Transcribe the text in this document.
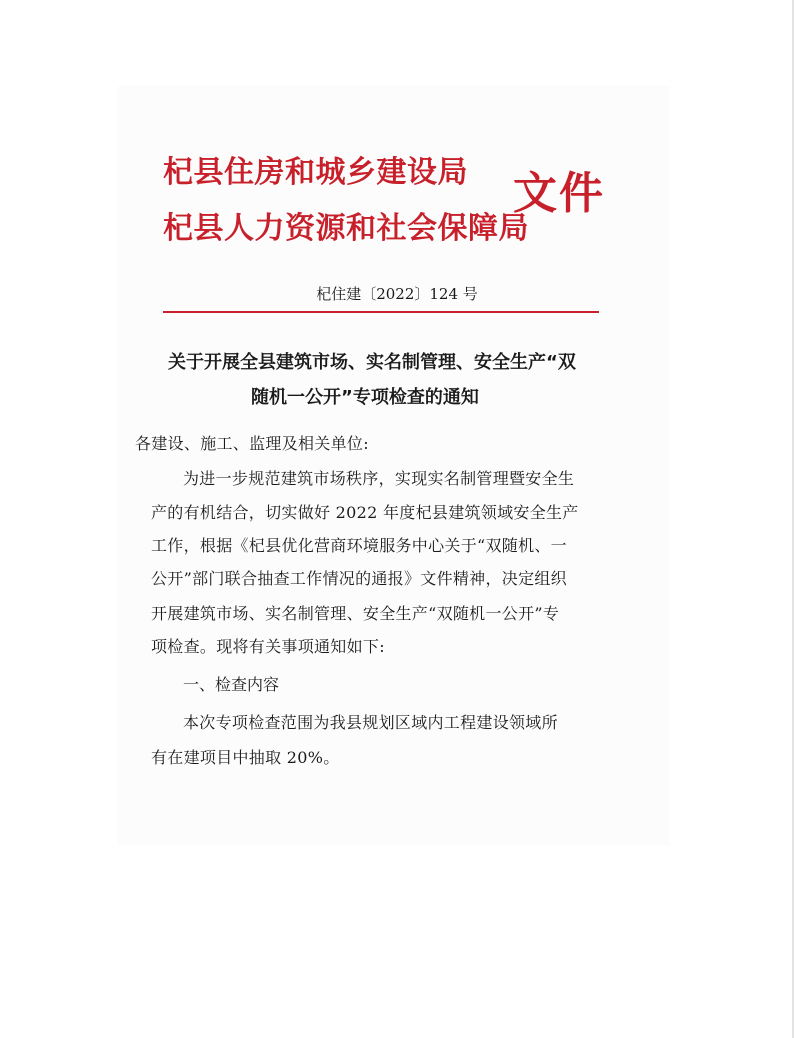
杞县住房和城乡建设局
杞县人力资源和社会保障局
文件
杞住建〔2022〕124 号
关于开展全县建筑市场、实名制管理、安全生产“双
随机一公开”专项检查的通知
各建设、施工、监理及相关单位:
为进一步规范建筑市场秩序，实现实名制管理暨安全生
产的有机结合，切实做好 2022 年度杞县建筑领域安全生产
工作，根据《杞县优化营商环境服务中心关于“双随机、一
公开”部门联合抽查工作情况的通报》文件精神，决定组织
开展建筑市场、实名制管理、安全生产“双随机一公开”专
项检查。现将有关事项通知如下:
一、检查内容
本次专项检查范围为我县规划区域内工程建设领域所
有在建项目中抽取 20%。
